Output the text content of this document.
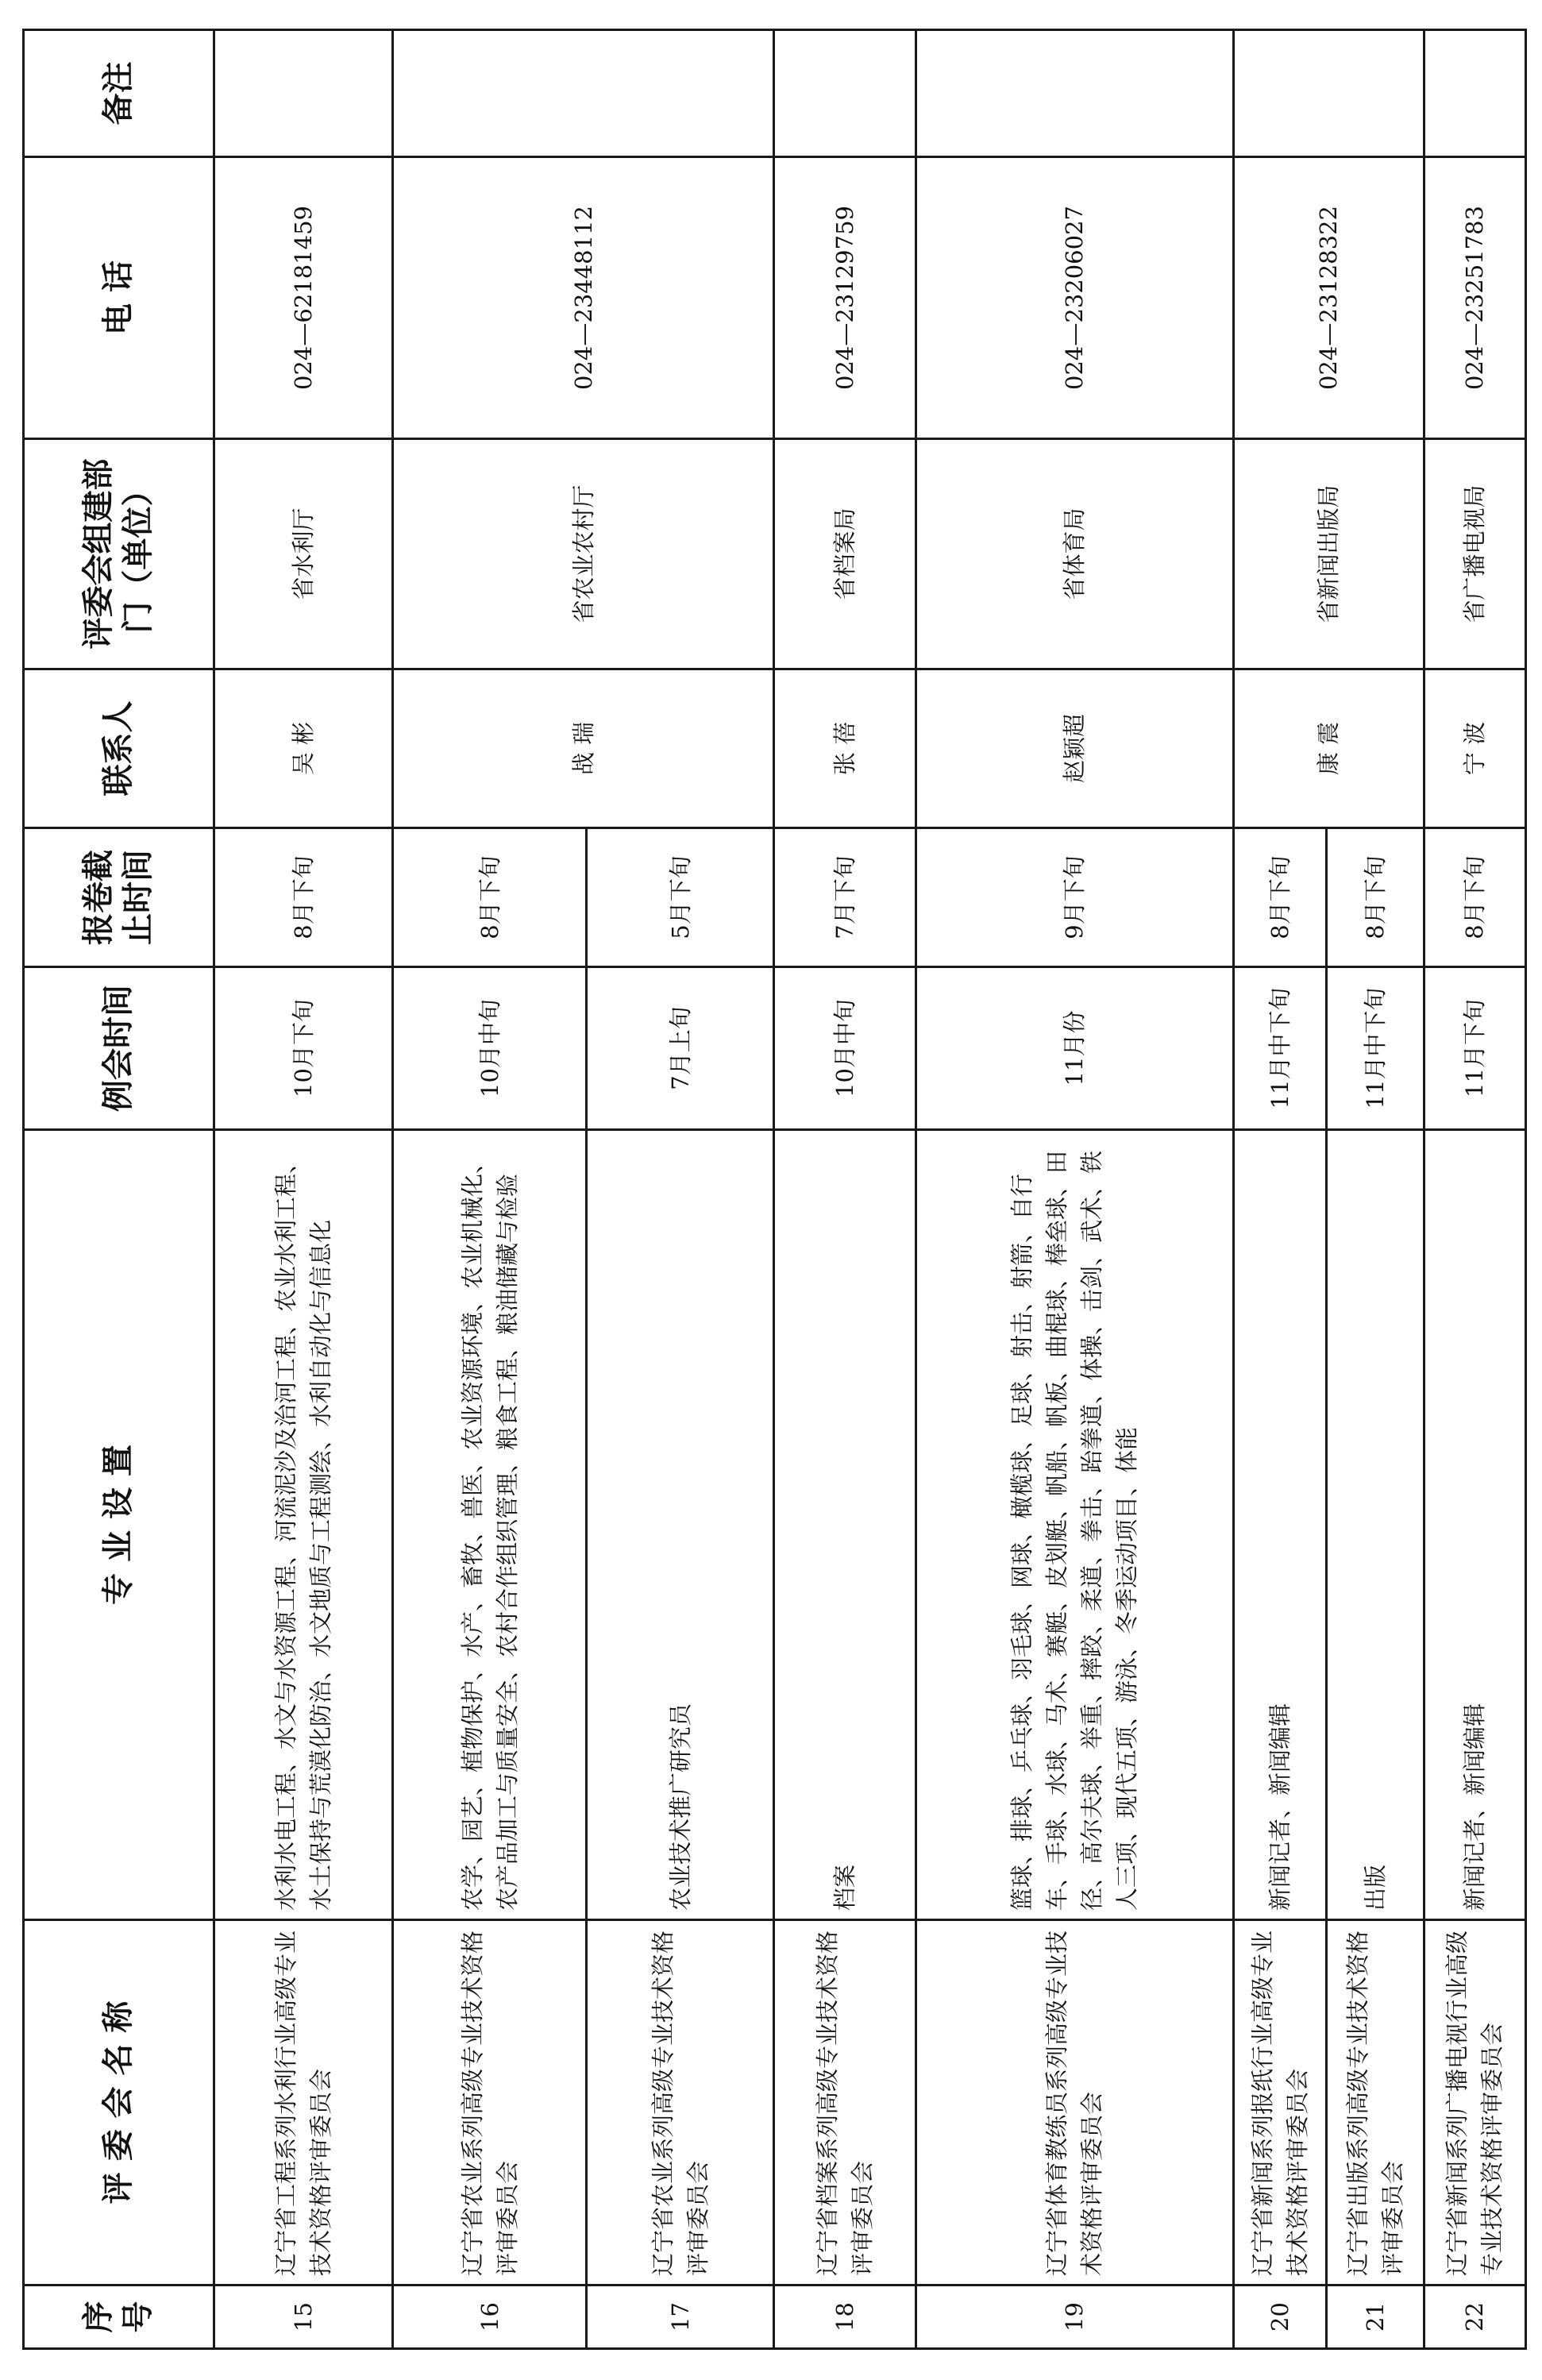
序号	评 委 会 名 称	专 业 设 置	例会时间	报卷截止时间	联系人	评委会组建部门（单位）	电 话	备注
15	辽宁省工程系列水利行业高级专业技术资格评审委员会	水利水电工程、水文与水资源工程、河流泥沙及治河工程、农业水利工程、水土保持与荒漠化防治、水文地质与工程测绘、水利自动化与信息化	10月下旬	8月下旬	吴 彬	省水利厅	024—62181459	
16	辽宁省农业系列高级专业技术资格评审委员会	农学、园艺、植物保护、水产、畜牧、兽医、农业资源环境、农业机械化、农产品加工与质量安全、农村合作组织管理、粮食工程、粮油储藏与检验	10月中旬	8月下旬	战 瑞	省农业农村厅	024—23448112	
17	辽宁省农业系列高级专业技术资格评审委员会	农业技术推广研究员	7月上旬	5月下旬				
18	辽宁省档案系列高级专业技术资格评审委员会	档案	10月中旬	7月下旬	张 蓓	省档案局	024—23129759	
19	辽宁省体育教练员系列高级专业技术资格评审委员会	篮球、排球、乒乓球、羽毛球、网球、橄榄球、足球、射击、射箭、自行车、手球、水球、马术、赛艇、皮划艇、帆船、帆板、曲棍球、棒垒球、田径、高尔夫球、举重、摔跤、柔道、拳击、跆拳道、体操、击剑、武术、铁人三项、现代五项、游泳、冬季运动项目、体能	11月份	9月下旬	赵颖超	省体育局	024—23206027	
20	辽宁省新闻系列报纸行业高级专业技术资格评审委员会	新闻记者、新闻编辑	11月中下旬	8月下旬	康 震	省新闻出版局	024—23128322	
21	辽宁省出版系列高级专业技术资格评审委员会	出版	11月中下旬	8月下旬				
22	辽宁省新闻系列广播电视行业高级专业技术资格评审委员会	新闻记者、新闻编辑	11月下旬	8月下旬	宁 波	省广播电视局	024—23251783	
